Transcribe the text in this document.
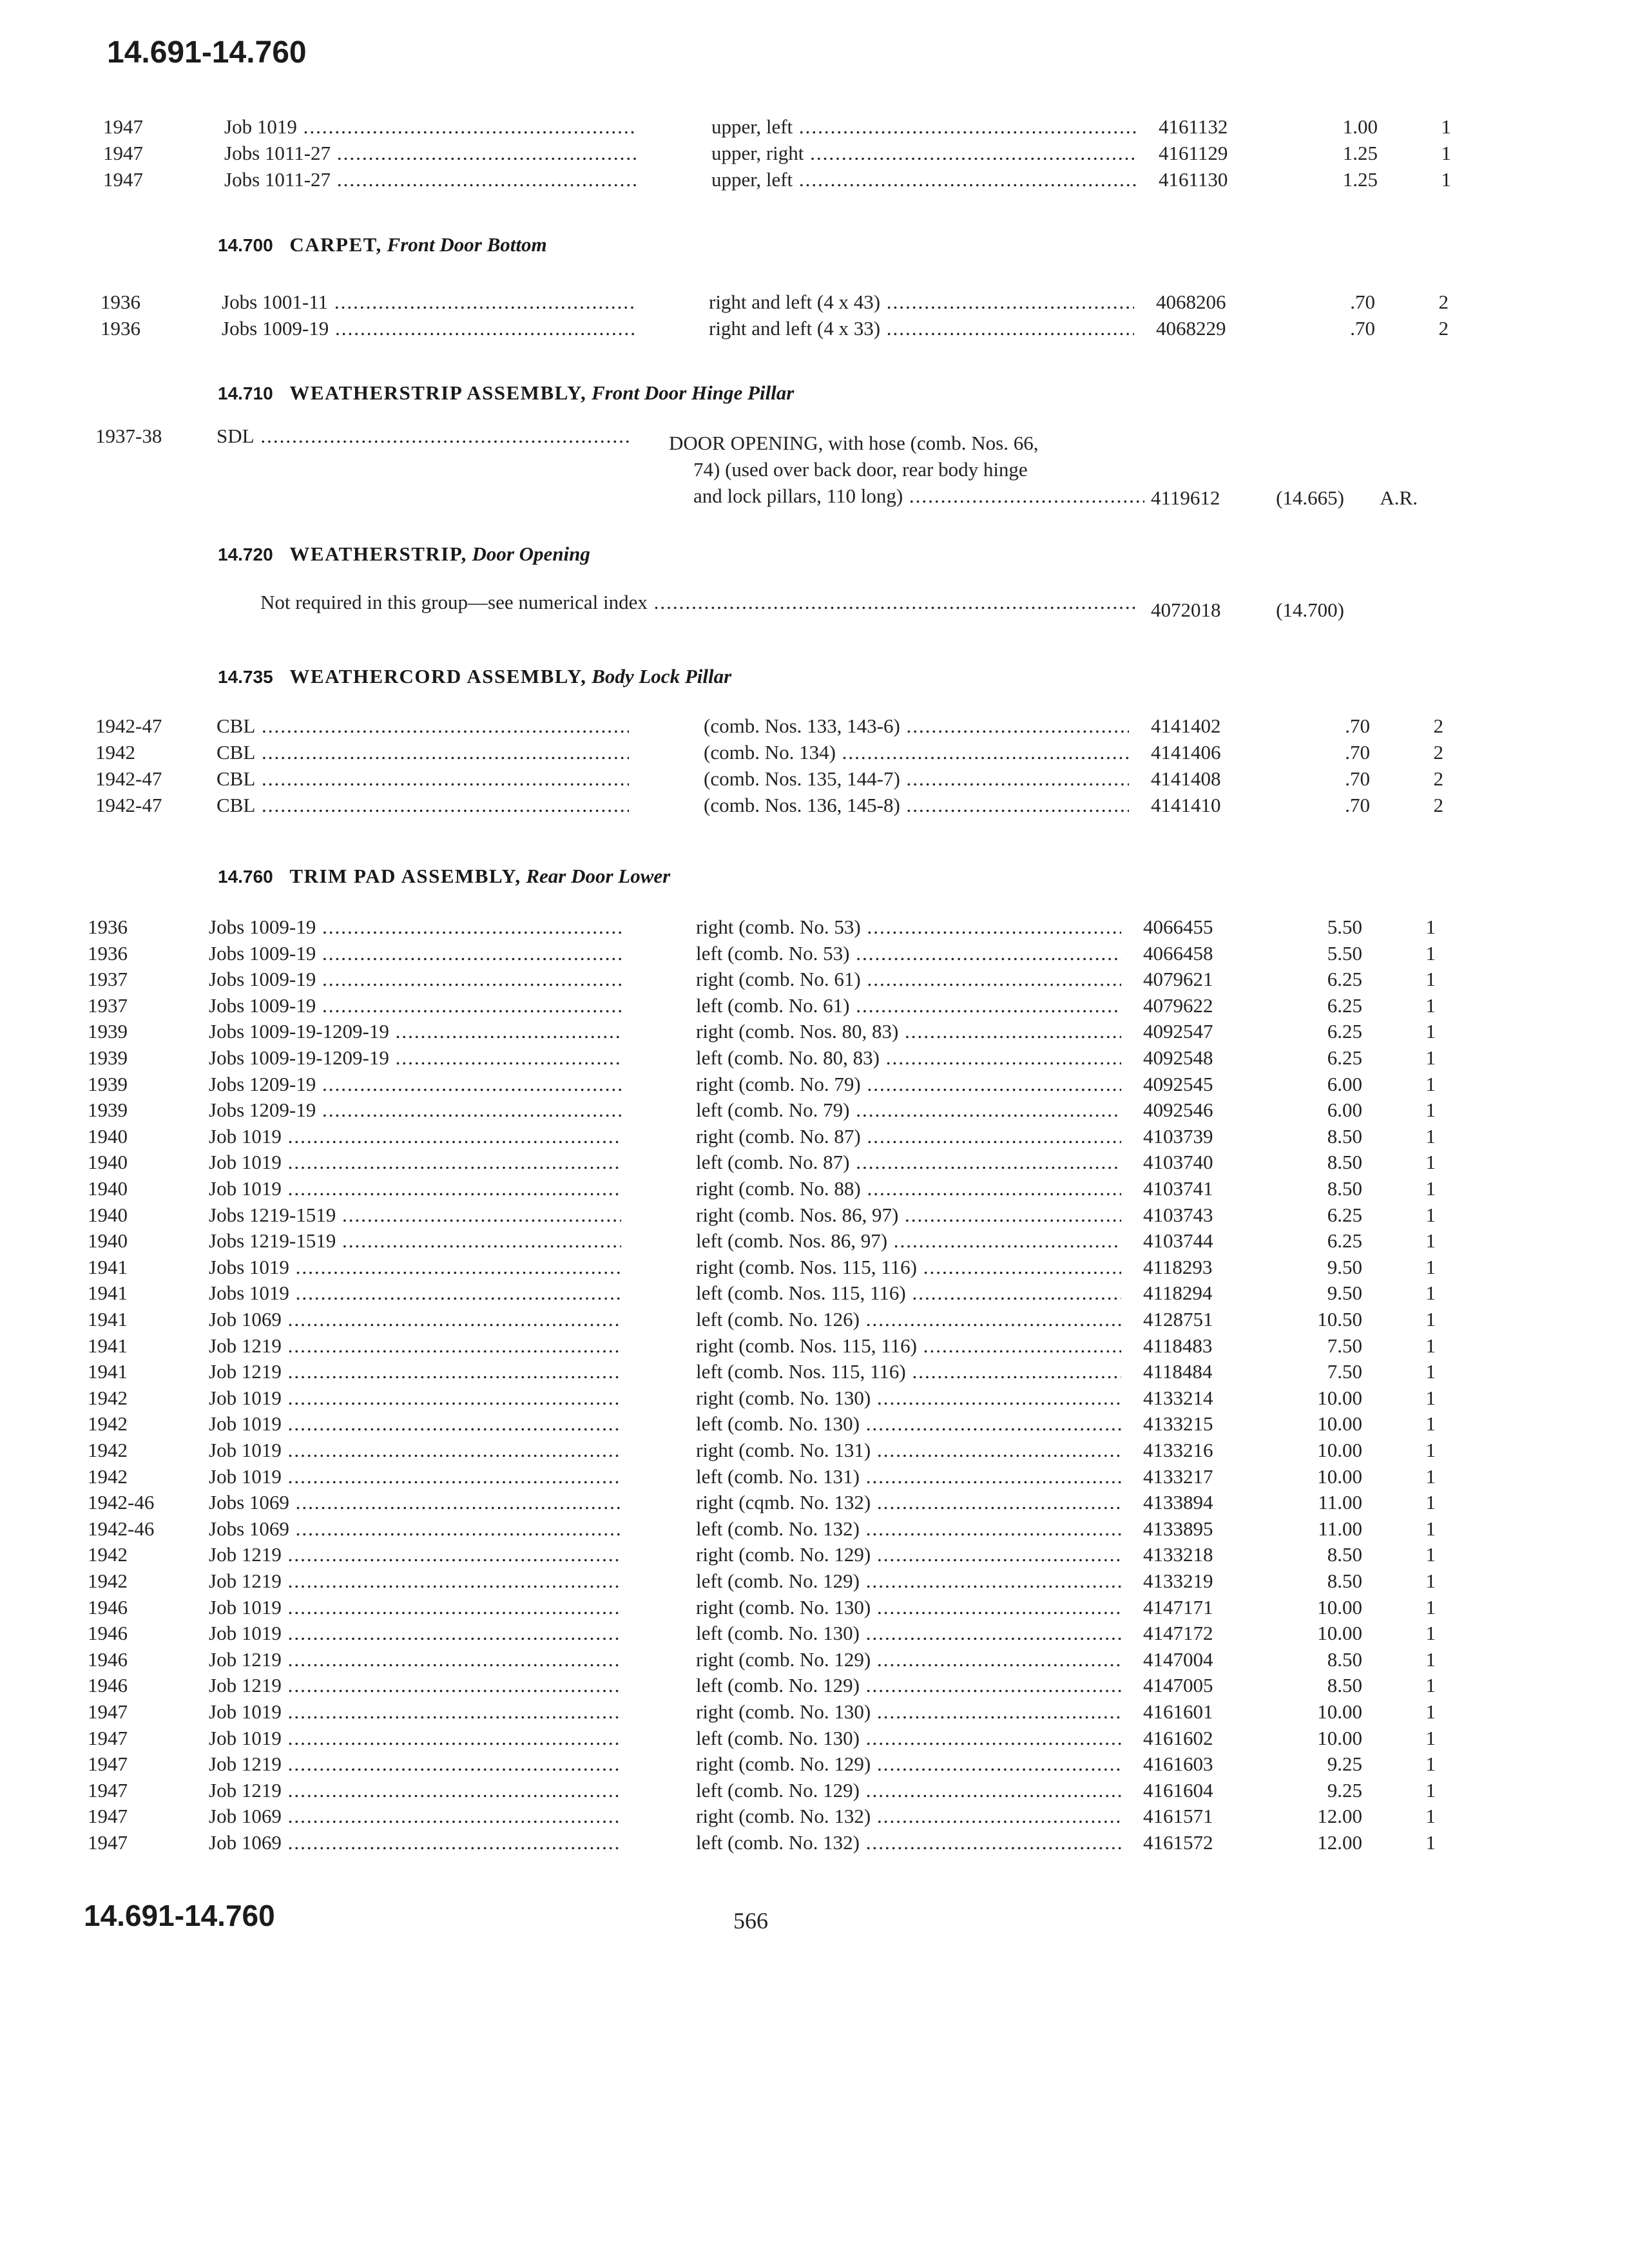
14.691-14.760
1947	Job 1019 .....	upper, left .....	4161132	1.00	1
1947	Jobs 1011-27 .....	upper, right .....	4161129	1.25	1
1947	Jobs 1011-27 .....	upper, left .....	4161130	1.25	1
14.700 CARPET, Front Door Bottom
1936	Jobs 1001-11 .....	right and left (4 x 43) .....	4068206	.70	2
1936	Jobs 1009-19 .....	right and left (4 x 33) .....	4068229	.70	2
14.710 WEATHERSTRIP ASSEMBLY, Front Door Hinge Pillar
1937-38	SDL .....	DOOR OPENING, with hose (comb. Nos. 66,
74) (used over back door, rear body hinge
and lock pillars, 110 long) .....	4119612	(14.665)	A.R.
14.720 WEATHERSTRIP, Door Opening
Not required in this group—see numerical index .....	4072018	(14.700)
14.735 WEATHERCORD ASSEMBLY, Body Lock Pillar
1942-47	CBL .....	(comb. Nos. 133, 143-6) .....	4141402	.70	2
1942	CBL .....	(comb. No. 134) .....	4141406	.70	2
1942-47	CBL .....	(comb. Nos. 135, 144-7) .....	4141408	.70	2
1942-47	CBL .....	(comb. Nos. 136, 145-8) .....	4141410	.70	2
14.760 TRIM PAD ASSEMBLY, Rear Door Lower
1936	Jobs 1009-19 .....	right (comb. No. 53) .....	4066455	5.50	1
1936	Jobs 1009-19 .....	left (comb. No. 53) .....	4066458	5.50	1
1937	Jobs 1009-19 .....	right (comb. No. 61) .....	4079621	6.25	1
1937	Jobs 1009-19 .....	left (comb. No. 61) .....	4079622	6.25	1
1939	Jobs 1009-19-1209-19 .....	right (comb. Nos. 80, 83) .....	4092547	6.25	1
1939	Jobs 1009-19-1209-19 .....	left (comb. No. 80, 83) .....	4092548	6.25	1
1939	Jobs 1209-19 .....	right (comb. No. 79) .....	4092545	6.00	1
1939	Jobs 1209-19 .....	left (comb. No. 79) .....	4092546	6.00	1
1940	Job 1019 .....	right (comb. No. 87) .....	4103739	8.50	1
1940	Job 1019 .....	left (comb. No. 87) .....	4103740	8.50	1
1940	Job 1019 .....	right (comb. No. 88) .....	4103741	8.50	1
1940	Jobs 1219-1519 .....	right (comb. Nos. 86, 97) .....	4103743	6.25	1
1940	Jobs 1219-1519 .....	left (comb. Nos. 86, 97) .....	4103744	6.25	1
1941	Jobs 1019 .....	right (comb. Nos. 115, 116) .....	4118293	9.50	1
1941	Jobs 1019 .....	left (comb. Nos. 115, 116) .....	4118294	9.50	1
1941	Job 1069 .....	left (comb. No. 126) .....	4128751	10.50	1
1941	Job 1219 .....	right (comb. Nos. 115, 116) .....	4118483	7.50	1
1941	Job 1219 .....	left (comb. Nos. 115, 116) .....	4118484	7.50	1
1942	Job 1019 .....	right (comb. No. 130) .....	4133214	10.00	1
1942	Job 1019 .....	left (comb. No. 130) .....	4133215	10.00	1
1942	Job 1019 .....	right (comb. No. 131) .....	4133216	10.00	1
1942	Job 1019 .....	left (comb. No. 131) .....	4133217	10.00	1
1942-46	Jobs 1069 .....	right (cqmb. No. 132) .....	4133894	11.00	1
1942-46	Jobs 1069 .....	left (comb. No. 132) .....	4133895	11.00	1
1942	Job 1219 .....	right (comb. No. 129) .....	4133218	8.50	1
1942	Job 1219 .....	left (comb. No. 129) .....	4133219	8.50	1
1946	Job 1019 .....	right (comb. No. 130) .....	4147171	10.00	1
1946	Job 1019 .....	left (comb. No. 130) .....	4147172	10.00	1
1946	Job 1219 .....	right (comb. No. 129) .....	4147004	8.50	1
1946	Job 1219 .....	left (comb. No. 129) .....	4147005	8.50	1
1947	Job 1019 .....	right (comb. No. 130) .....	4161601	10.00	1
1947	Job 1019 .....	left (comb. No. 130) .....	4161602	10.00	1
1947	Job 1219 .....	right (comb. No. 129) .....	4161603	9.25	1
1947	Job 1219 .....	left (comb. No. 129) .....	4161604	9.25	1
1947	Job 1069 .....	right (comb. No. 132) .....	4161571	12.00	1
1947	Job 1069 .....	left (comb. No. 132) .....	4161572	12.00	1
14.691-14.760	566
